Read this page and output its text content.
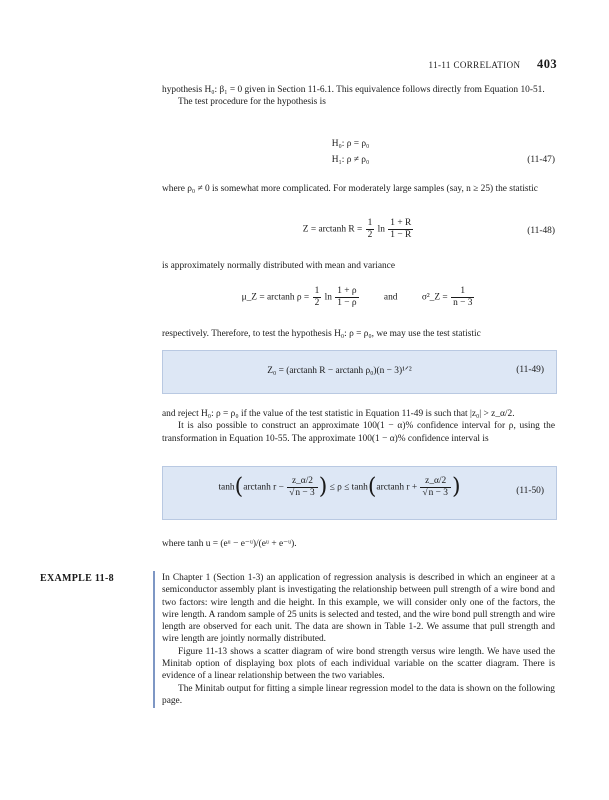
11-11 CORRELATION 403
hypothesis H₀: β₁ = 0 given in Section 11-6.1. This equivalence follows directly from Equation 10-51.
The test procedure for the hypothesis is
H₀: ρ = ρ₀
H₁: ρ ≠ ρ₀	(11-47)
where ρ₀ ≠ 0 is somewhat more complicated. For moderately large samples (say, n ≥ 25) the statistic
Z = arctanh $R = \frac{1}{2}$ $\ln \frac{1 + R}{1 - R}$	(11-48)
is approximately normally distributed with mean and variance
μ_Z = arctanh $\rho = \frac{1}{2}$ $\ln \frac{1 + \rho}{1 - \rho}$	and	σ²_Z = $\frac{1}{n - 3}$
respectively. Therefore, to test the hypothesis H₀: ρ = ρ₀, we may use the test statistic
Z₀ = (arctanh R − arctanh ρ₀)(n − 3)¹ᐟ²	(11-49)
and reject H₀: ρ = ρ₀ if the value of the test statistic in Equation 11-49 is such that |z₀| > z_α/2.
It is also possible to construct an approximate 100(1 − α)% confidence interval for ρ, using the transformation in Equation 10-55. The approximate 100(1 − α)% confidence interval is
tanh(arctanh $r - \frac{z\_\alpha/2}{√n - 3}$ ) ≤ ρ ≤ tanh(arctanh $r + \frac{z\_\alpha/2}{√n - 3}$ )	(11-50)
where tanh u = (eᵘ − e⁻ᵘ)/(eᵘ + e⁻ᵘ).
EXAMPLE 11-8	In Chapter 1 (Section 1-3) an application of regression analysis is described in which an engineer at a semiconductor assembly plant is investigating the relationship between pull strength of a wire bond and two factors: wire length and die height. In this example, we will consider only one of the factors, the wire length. A random sample of 25 units is selected and tested, and the wire bond pull strength and wire length are observed for each unit. The data are shown in Table 1-2. We assume that pull strength and wire length are jointly normally distributed.
Figure 11-13 shows a scatter diagram of wire bond strength versus wire length. We have used the Minitab option of displaying box plots of each individual variable on the scatter diagram. There is evidence of a linear relationship between the two variables.
The Minitab output for fitting a simple linear regression model to the data is shown on the following page.
